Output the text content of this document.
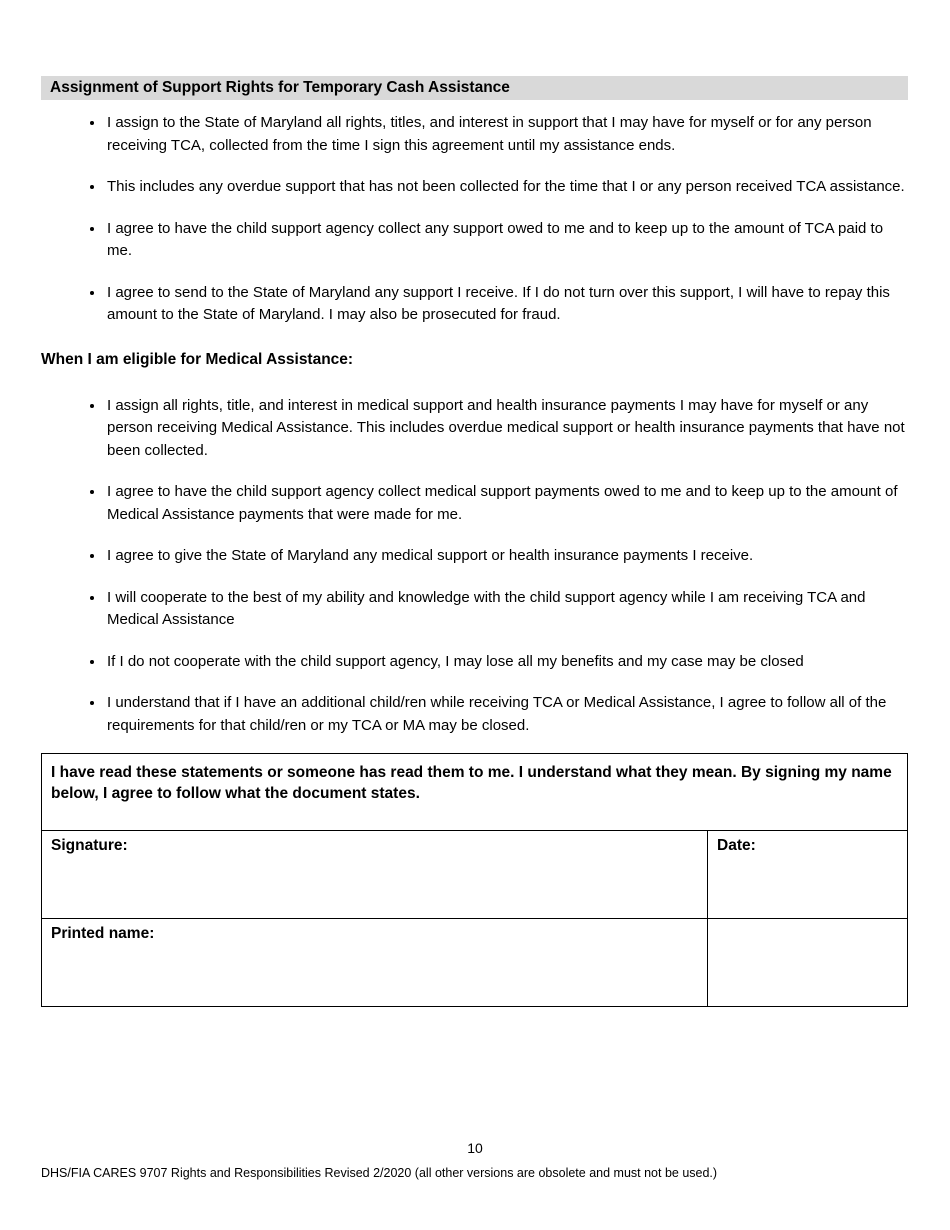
Assignment of Support Rights for Temporary Cash Assistance
• I assign to the State of Maryland all rights, titles, and interest in support that I may have for myself or for any person receiving TCA, collected from the time I sign this agreement until my assistance ends.
• This includes any overdue support that has not been collected for the time that I or any person received TCA assistance.
• I agree to have the child support agency collect any support owed to me and to keep up to the amount of TCA paid to me.
• I agree to send to the State of Maryland any support I receive. If I do not turn over this support, I will have to repay this amount to the State of Maryland. I may also be prosecuted for fraud.
When I am eligible for Medical Assistance:
• I assign all rights, title, and interest in medical support and health insurance payments I may have for myself or any person receiving Medical Assistance. This includes overdue medical support or health insurance payments that have not been collected.
• I agree to have the child support agency collect medical support payments owed to me and to keep up to the amount of Medical Assistance payments that were made for me.
• I agree to give the State of Maryland any medical support or health insurance payments I receive.
• I will cooperate to the best of my ability and knowledge with the child support agency while I am receiving TCA and Medical Assistance
• If I do not cooperate with the child support agency, I may lose all my benefits and my case may be closed
• I understand that if I have an additional child/ren while receiving TCA or Medical Assistance, I agree to follow all of the requirements for that child/ren or my TCA or MA may be closed.
I have read these statements or someone has read them to me. I understand what they mean. By signing my name below, I agree to follow what the document states.
Signature:	Date:
Printed name:
10
DHS/FIA CARES 9707 Rights and Responsibilities Revised 2/2020 (all other versions are obsolete and must not be used.)
